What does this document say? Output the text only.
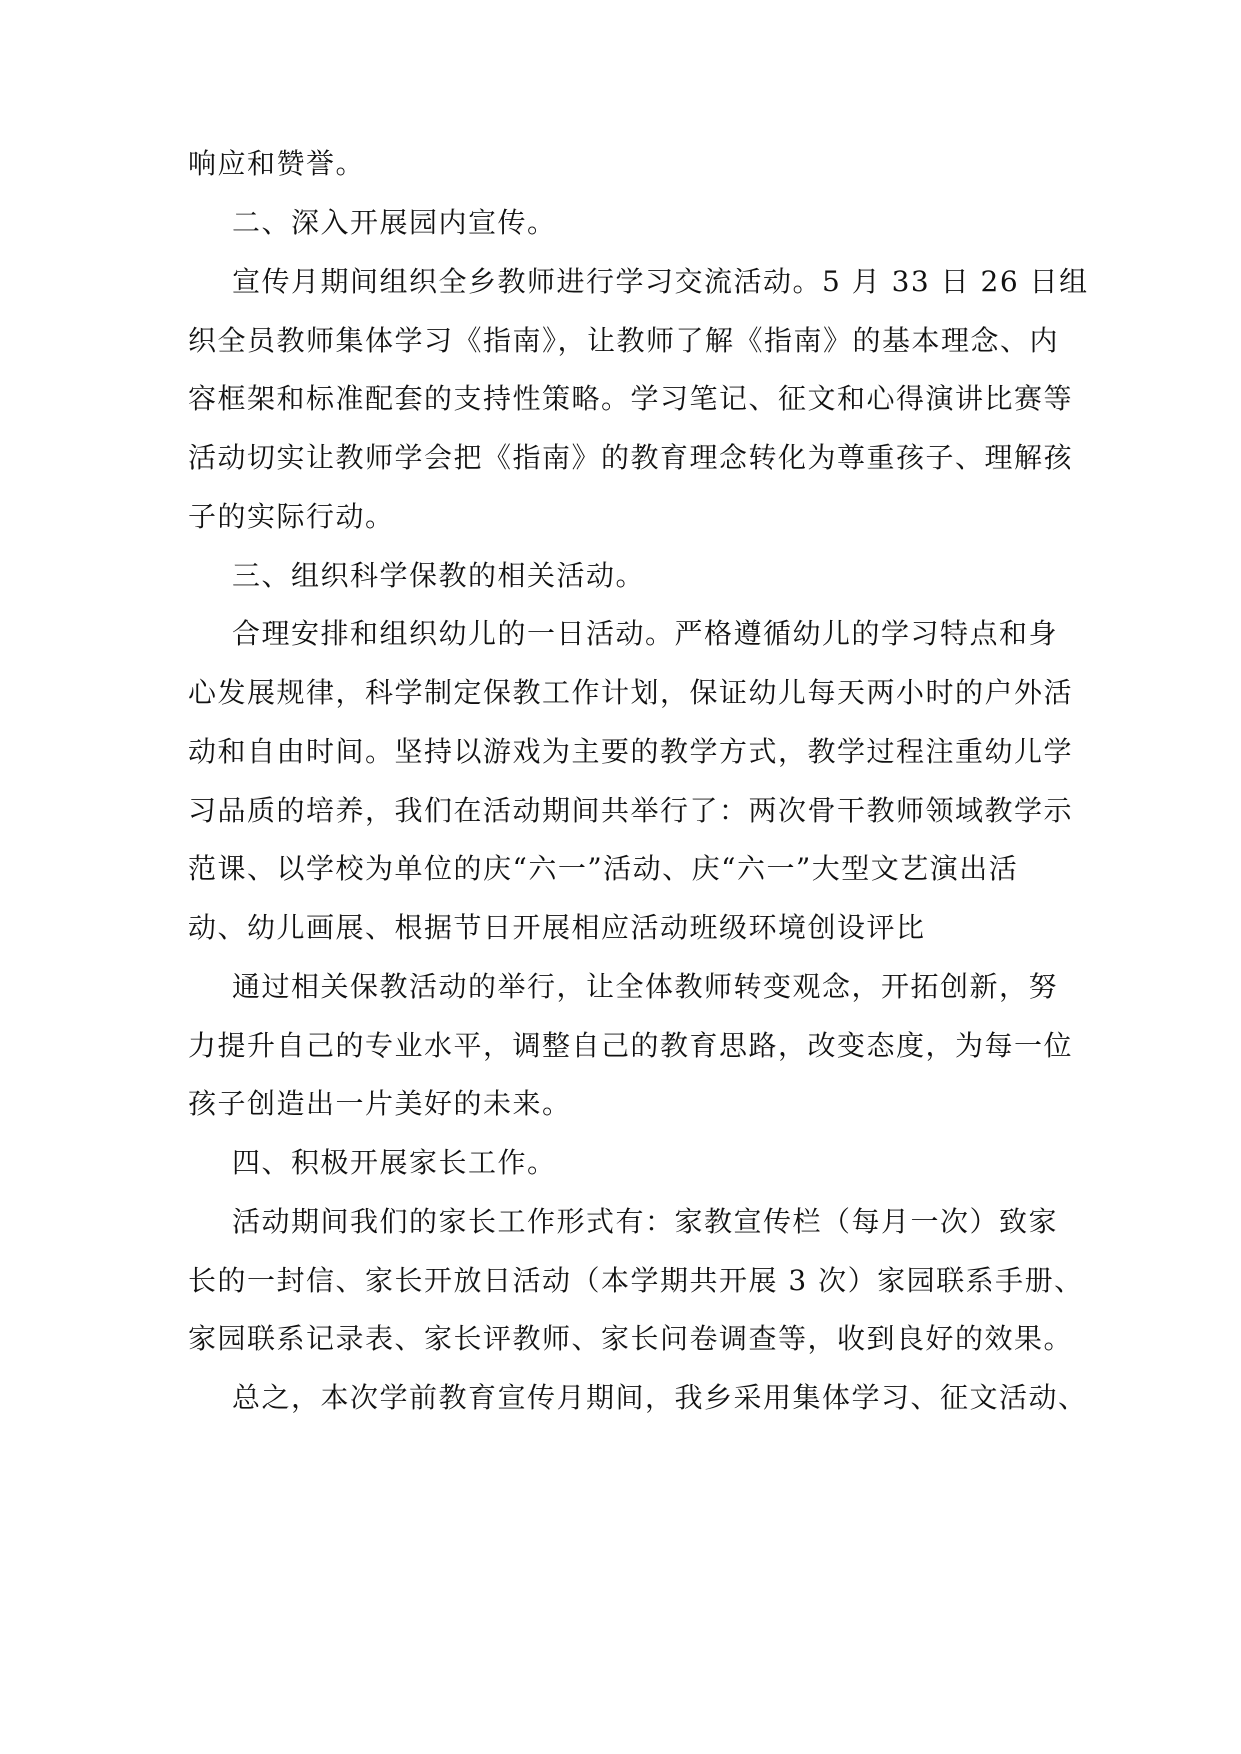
响应和赞誉。
二、深入开展园内宣传。
宣传月期间组织全乡教师进行学习交流活动。5 月 33 日 26 日组
织全员教师集体学习《指南》，让教师了解《指南》的基本理念、内
容框架和标准配套的支持性策略。学习笔记、征文和心得演讲比赛等
活动切实让教师学会把《指南》的教育理念转化为尊重孩子、理解孩
子的实际行动。
三、组织科学保教的相关活动。
合理安排和组织幼儿的一日活动。严格遵循幼儿的学习特点和身
心发展规律，科学制定保教工作计划，保证幼儿每天两小时的户外活
动和自由时间。坚持以游戏为主要的教学方式，教学过程注重幼儿学
习品质的培养，我们在活动期间共举行了：两次骨干教师领域教学示
范课、以学校为单位的庆“六一”活动、庆“六一”大型文艺演出活
动、幼儿画展、根据节日开展相应活动班级环境创设评比
通过相关保教活动的举行，让全体教师转变观念，开拓创新，努
力提升自己的专业水平，调整自己的教育思路，改变态度，为每一位
孩子创造出一片美好的未来。
四、积极开展家长工作。
活动期间我们的家长工作形式有：家教宣传栏（每月一次）致家
长的一封信、家长开放日活动（本学期共开展 3 次）家园联系手册、
家园联系记录表、家长评教师、家长问卷调查等，收到良好的效果。
总之，本次学前教育宣传月期间，我乡采用集体学习、征文活动、
